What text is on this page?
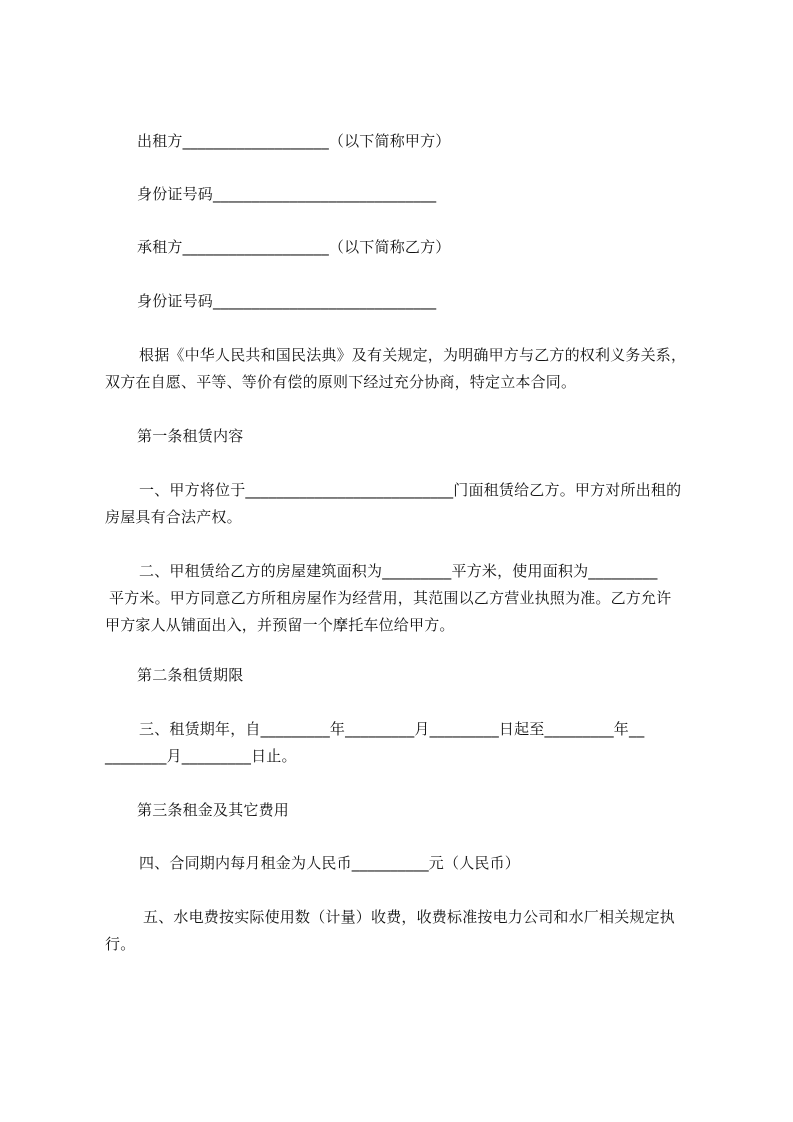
出租方___________________（以下简称甲方）
身份证号码_____________________________
承租方___________________（以下简称乙方）
身份证号码_____________________________
根据《中华人民共和国民法典》及有关规定，为明确甲方与乙方的权利义务关系，
双方在自愿、平等、等价有偿的原则下经过充分协商，特定立本合同。
第一条租赁内容
一、甲方将位于___________________________门面租赁给乙方。甲方对所出租的
房屋具有合法产权。
二、甲租赁给乙方的房屋建筑面积为_________平方米，使用面积为_________
平方米。甲方同意乙方所租房屋作为经营用，其范围以乙方营业执照为准。乙方允许
甲方家人从铺面出入，并预留一个摩托车位给甲方。
第二条租赁期限
三、租赁期年，自_________年_________月_________日起至_________年__
________月_________日止。
第三条租金及其它费用
四、合同期内每月租金为人民币__________元（人民币）
五、水电费按实际使用数（计量）收费，收费标准按电力公司和水厂相关规定执
行。
